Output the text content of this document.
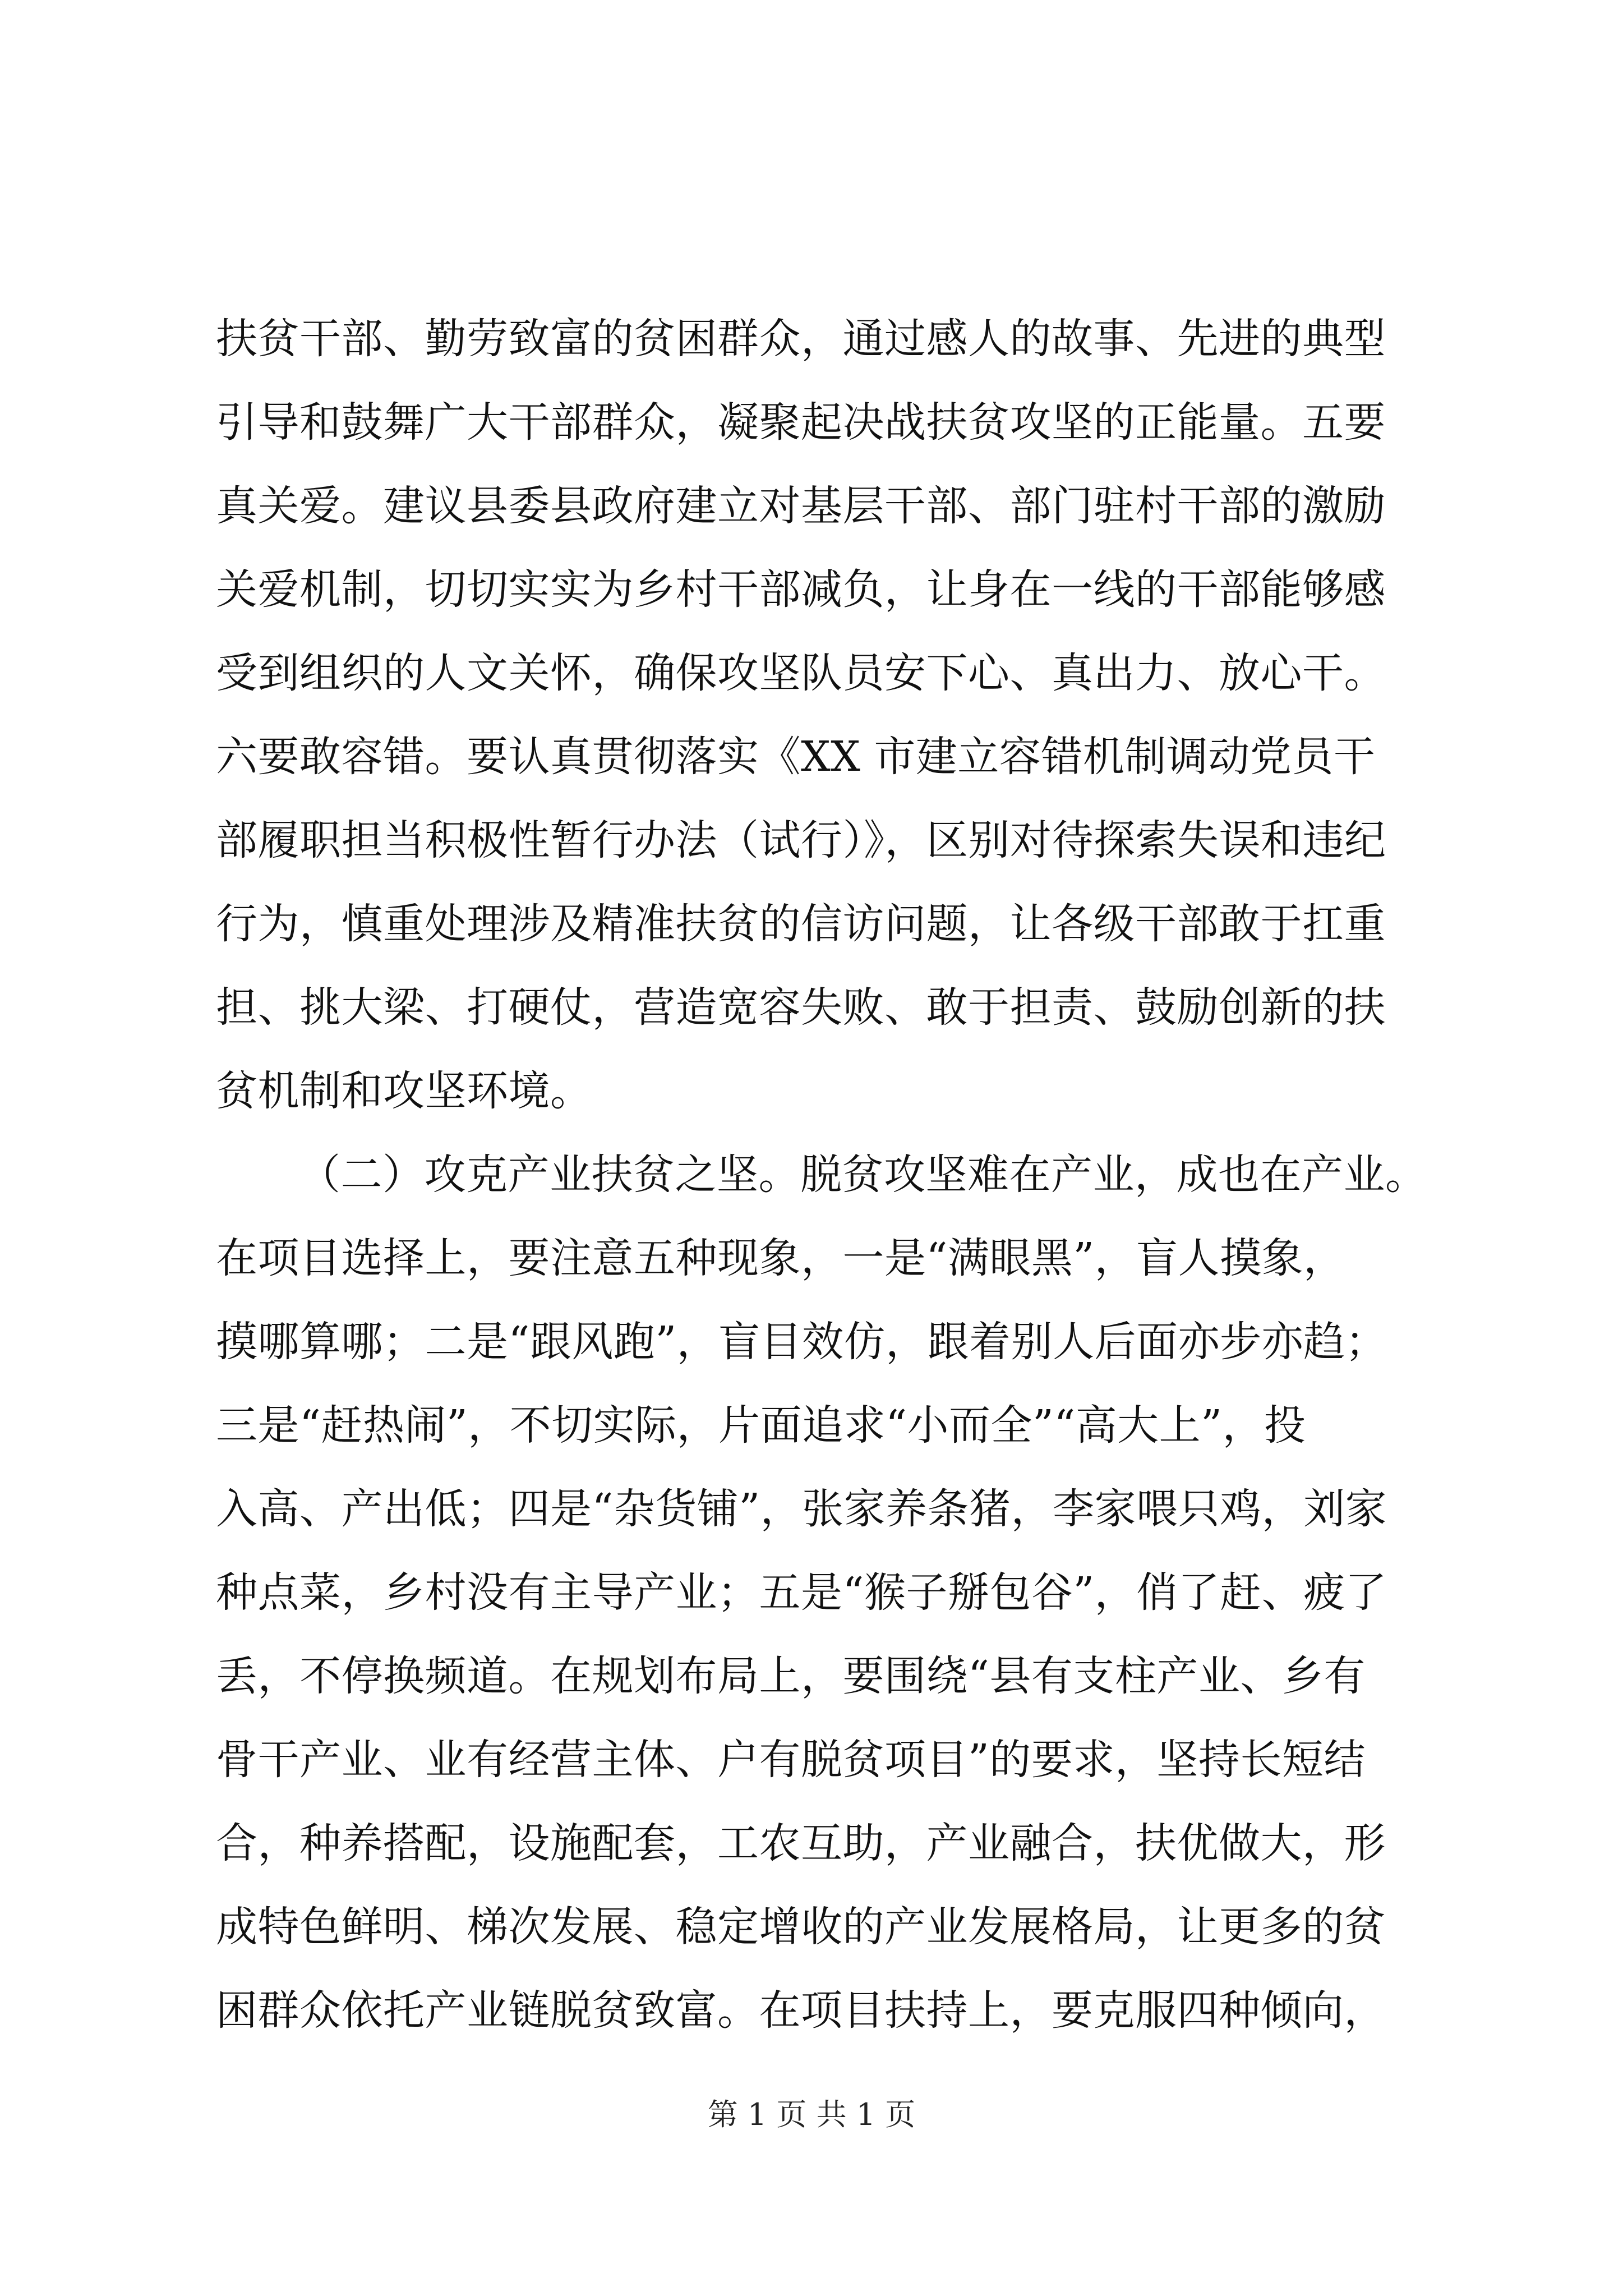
扶贫干部、勤劳致富的贫困群众，通过感人的故事、先进的典型
引导和鼓舞广大干部群众，凝聚起决战扶贫攻坚的正能量。五要
真关爱。建议县委县政府建立对基层干部、部门驻村干部的激励
关爱机制，切切实实为乡村干部减负，让身在一线的干部能够感
受到组织的人文关怀，确保攻坚队员安下心、真出力、放心干。
六要敢容错。要认真贯彻落实《XX 市建立容错机制调动党员干
部履职担当积极性暂行办法（试行）》，区别对待探索失误和违纪
行为，慎重处理涉及精准扶贫的信访问题，让各级干部敢于扛重
担、挑大梁、打硬仗，营造宽容失败、敢于担责、鼓励创新的扶
贫机制和攻坚环境。
（二）攻克产业扶贫之坚。脱贫攻坚难在产业，成也在产业。
在项目选择上，要注意五种现象，一是“满眼黑”，盲人摸象，
摸哪算哪；二是“跟风跑”，盲目效仿，跟着别人后面亦步亦趋；
三是“赶热闹”，不切实际，片面追求“小而全”“高大上”，投
入高、产出低；四是“杂货铺”，张家养条猪，李家喂只鸡，刘家
种点菜，乡村没有主导产业；五是“猴子掰包谷”，俏了赶、疲了
丢，不停换频道。在规划布局上，要围绕“县有支柱产业、乡有
骨干产业、业有经营主体、户有脱贫项目”的要求，坚持长短结
合，种养搭配，设施配套，工农互助，产业融合，扶优做大，形
成特色鲜明、梯次发展、稳定增收的产业发展格局，让更多的贫
困群众依托产业链脱贫致富。在项目扶持上，要克服四种倾向，
第 1 页 共 1 页
